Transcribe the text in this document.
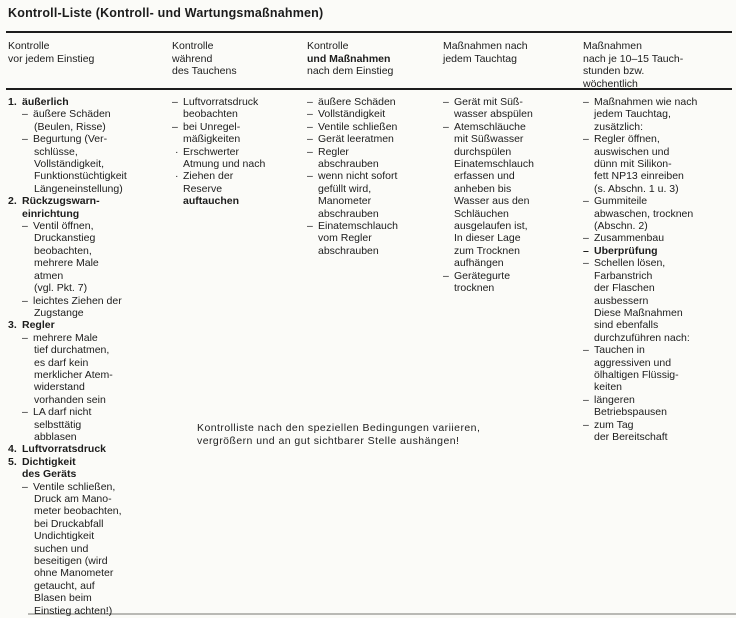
Kontroll-Liste (Kontroll- und Wartungsmaßnahmen)
Kontrolle
vor jedem Einstieg
Kontrolle
während
des Tauchens
Kontrolle
und Maßnahmen
nach dem Einstieg
Maßnahmen nach
jedem Tauchtag
Maßnahmen
nach je 10–15 Tauch-
stunden bzw.
wöchentlich
1. äußerlich
– äußere Schäden
(Beulen, Risse)
– Begurtung (Ver-
schlüsse,
Vollständigkeit,
Funktionstüchtigkeit
Längeneinstellung)
2. Rückzugswarn-
einrichtung
– Ventil öffnen,
Druckanstieg
beobachten,
mehrere Male
atmen
(vgl. Pkt. 7)
– leichtes Ziehen der
Zugstange
3. Regler
– mehrere Male
tief durchatmen,
es darf kein
merklicher Atem-
widerstand
vorhanden sein
– LA darf nicht
selbsttätig
abblasen
4. Luftvorratsdruck
5. Dichtigkeit
des Geräts
– Ventile schließen,
Druck am Mano-
meter beobachten,
bei Druckabfall
Undichtigkeit
suchen und
beseitigen (wird
ohne Manometer
getaucht, auf
Blasen beim
Einstieg achten!)
– Luftvorratsdruck
beobachten
– bei Unregel-
mäßigkeiten
· Erschwerter
Atmung und nach
· Ziehen der
Reserve
auftauchen
– äußere Schäden
– Vollständigkeit
– Ventile schließen
– Gerät leeratmen
– Regler
abschrauben
– wenn nicht sofort
gefüllt wird,
Manometer
abschrauben
– Einatemschlauch
vom Regler
abschrauben
– Gerät mit Süß-
wasser abspülen
– Atemschläuche
mit Süßwasser
durchspülen
Einatemschlauch
erfassen und
anheben bis
Wasser aus den
Schläuchen
ausgelaufen ist,
In dieser Lage
zum Trocknen
aufhängen
– Gerätegurte
trocknen
– Maßnahmen wie nach
jedem Tauchtag,
zusätzlich:
– Regler öffnen,
auswischen und
dünn mit Silikon-
fett NP13 einreiben
(s. Abschn. 1 u. 3)
– Gummiteile
abwaschen, trocknen
(Abschn. 2)
– Zusammenbau
– Uberprüfung
– Schellen lösen,
Farbanstrich
der Flaschen
ausbessern
Diese Maßnahmen
sind ebenfalls
durchzuführen nach:
– Tauchen in
aggressiven und
ölhaltigen Flüssig-
keiten
– längeren
Betriebspausen
– zum Tag
der Bereitschaft
Kontrolliste nach den speziellen Bedingungen variieren,
vergrößern und an gut sichtbarer Stelle aushängen!
